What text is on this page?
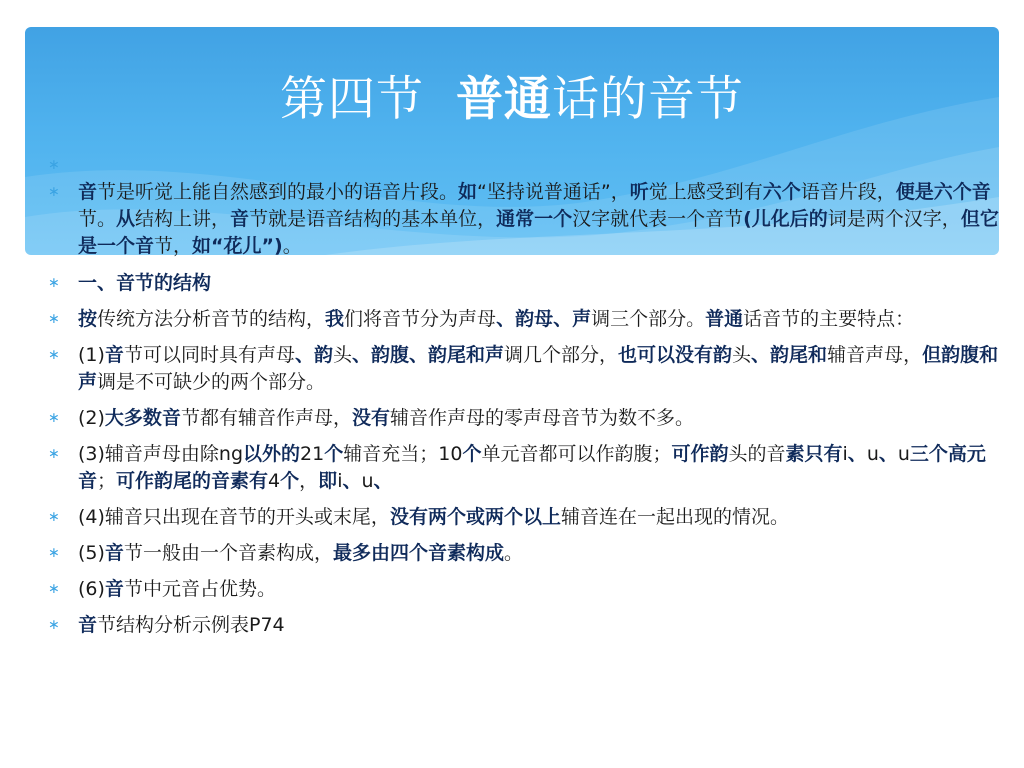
第四节 普通话的音节

∗

∗ 音节是听觉上能自然感到的最小的语音片段。如“坚持说普通话”，听觉上感受到有六个语音片段，便是六个音节。从结构上讲，音节就是语音结构的基本单位，通常一个汉字就代表一个音节(儿化后的词是两个汉字，但它是一个音节，如“花儿”)。

∗ 一、音节的结构

∗ 按传统方法分析音节的结构，我们将音节分为声母、韵母、声调三个部分。普通话音节的主要特点：

∗ (1)音节可以同时具有声母、韵头、韵腹、韵尾和声调几个部分，也可以没有韵头、韵尾和辅音声母，但韵腹和声调是不可缺少的两个部分。

∗ (2)大多数音节都有辅音作声母，没有辅音作声母的零声母音节为数不多。

∗ (3)辅音声母由除ng以外的21个辅音充当；10个单元音都可以作韵腹；可作韵头的音素只有i、u、u三个高元音；可作韵尾的音素有4个，即i、u、

∗ (4)辅音只出现在音节的开头或末尾，没有两个或两个以上辅音连在一起出现的情况。

∗ (5)音节一般由一个音素构成，最多由四个音素构成。

∗ (6)音节中元音占优势。

∗ 音节结构分析示例表P74
